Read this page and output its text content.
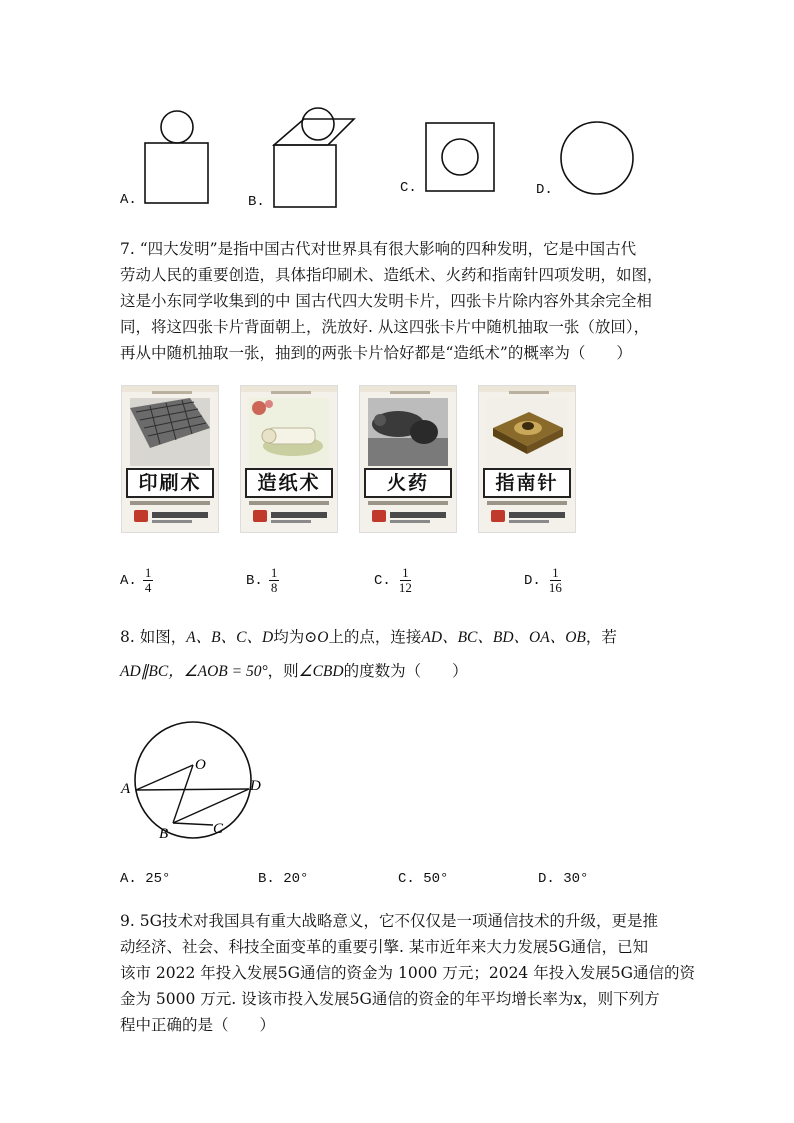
A.	B.
C.	D.
7. “四大发明”是指中国古代对世界具有很大影响的四种发明，它是中国古代
劳动人民的重要创造，具体指印刷术、造纸术、火药和指南针四项发明，如图，
这是小东同学收集到的中 国古代四大发明卡片，四张卡片除内容外其余完全相
同，将这四张卡片背面朝上，洗放好. 从这四张卡片中随机抽取一张（放回），
再从中随机抽取一张，抽到的两张卡片恰好都是“造纸术”的概率为（　　）
印刷术	造纸术	火药	指南针
A. $\frac{1}{4}$	B. $\frac{1}{8}$	C. $\frac{1}{12}$	D. $\frac{1}{16}$
8. 如图，A、B、C、D均为⊙O上的点，连接AD、BC、BD、OA、OB，若
AD∥BC，∠AOB = 50°，则∠CBD的度数为（　　）
O
A	D
B	C
A. 25°	B. 20°	C. 50°	D. 30°
9. 5G技术对我国具有重大战略意义，它不仅仅是一项通信技术的升级，更是推
动经济、社会、科技全面变革的重要引擎. 某市近年来大力发展5G通信，已知
该市 2022 年投入发展5G通信的资金为 1000 万元；2024 年投入发展5G通信的资
金为 5000 万元. 设该市投入发展5G通信的资金的年平均增长率为x，则下列方
程中正确的是（　　）
